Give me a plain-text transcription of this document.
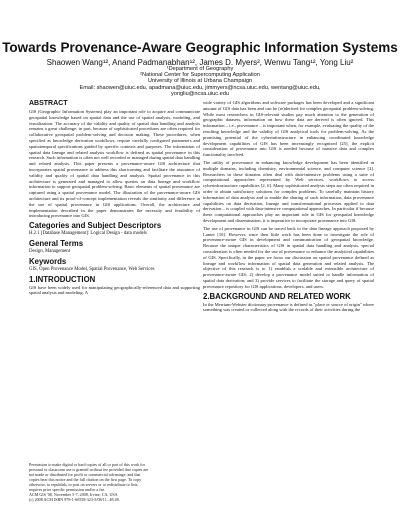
Towards Provenance-Aware Geographic Information Systems
Shaowen Wang¹², Anand Padmanabhan¹², James D. Myers², Wenwu Tang¹², Yong Liu²
¹Department of Geography
²National Center for Supercomputing Application
University of Illinois at Urbana Champaign
Email: shaowen@uiuc.edu, apadmana@uiuc.edu, jimmyers@ncsa.uiuc.edu, wentang@uiuc.edu,
yongliu@ncsa.uiuc.edu
ABSTRACT
GIS (Geographic Information Systems) play an important role to acquire and communicate geospatial knowledge based on spatial data and the use of spatial analysis, modeling, and visualization. The accuracy of the validity and quality of spatial data handling and analysis remains a great challenge, in part, because of sophisticated procedures are often required for collaborative geospatial problem-solving and decision making. These procedures, when specified as knowledge derivation workflows, require carefully configured parameters and spatiotemporal specifications guided by specific contexts and purposes. The information of spatial data lineage and related analysis workflow is defined as spatial provenance in this research. Such information is often not well recorded or managed during spatial data handling and related analysis. This paper presents a provenance-aware GIS architecture that incorporates spatial provenance to address this shortcoming and facilitate the assurance of validity and quality of spatial data handling and analysis. Spatial provenance in this architecture is generated and managed to allow queries on data lineage and workflow information to support geospatial problem-solving. Basic elements of spatial provenance are captured using a spatial provenance model. The illustration of the provenance-aware GIS architecture and its proof-of-concept implementation reveals the similarity and difference in the use of spatial provenance in GIS applications. Overall, the architecture and implementation described in the paper demonstrates the necessity and feasibility of introducing provenance into GIS.
Categories and Subject Descriptors
H.2.1 [Database Management]: Logical Design - data models
General Terms
Design, Management
Keywords
GIS, Open Provenance Model, Spatial Provenance, Web Services
1.INTRODUCTION
GIS have been widely used for manipulating geographically-referenced data and supporting spatial analysis and modeling. A
Permission to make digital or hard copies of all or part of this work for
personal or classroom use is granted without fee provided that copies are
not made or distributed for profit or commercial advantage, and that
copies bear this notice and the full citation on the first page. To copy
otherwise, to republish, to post on servers or to redistribute to lists,
requires prior specific permission and/or a fee.
ACM GIS '08, November 5-7, 2008, Irvine, CA, USA
(c) 2008 ACM ISBN 978-1-60558-323-5/08/11...$5.00.
wide variety of GIS algorithms and software packages has been developed and a significant amount of GIS data has been and can be (re)derived for complex geospatial problem-solving. While most researchers in GIS-relevant studies pay much attention to the generation of geographic datasets, information on how these data are derived is often ignored. This information – i.e., provenance – is important when, for example, evaluating the quality of the resulting knowledge and the validity of GIS analytical tools for problem-solving. As the promising potential of the cyberinfrastructure in enhancing coordinated knowledge development capabilities of GIS has been increasingly recognized [25], the explicit consideration of provenance into GIS is needed because of massive data and complex functionality involved.
The utility of provenance in enhancing knowledge development has been identified in multiple domains, including chemistry, environmental science, and computer science [2]. Researchers in these domains often deal with data-intensive problems using a suite of computational approaches represented by Web services, workflows to access cyberinfrastructure capabilities [2, 6]. Many sophisticated analysis steps are often required in order to obtain satisfactory solutions for complex problems. To carefully maintain history information of data analysis and to enable the sharing of such information, data provenance capabilities on data derivation, lineage and transformational processes applied to data derivation – is coupled with data-intensive computational approaches. In particular if because these computational approaches play an important role in GIS for geospatial knowledge development and dissemination, it is imperative to incorporate provenance into GIS.
The use of provenance in GIS can be traced back to the data lineage approach proposed by Lanter [10]. However, since then little work has been done to investigate the role of provenance-aware GIS in development and communication of geospatial knowledge. Because the unique characteristics of GIS in spatial data handling and analysis, special consideration is often needed for the use of provenance to enhance the analytical capabilities of GIS. Specifically, in the paper we focus our discussion on spatial provenance defined as lineage and workflow information of spatial data generation and related analysis. The objective of this research is to 1) establish a scalable and extensible architecture of provenance-aware GIS; 2) develop a provenance model suited to handle information of spatial data derivation; and 3) provide services to facilitate the storage and query of spatial provenance repository for GIS applications, developers, and users.
2.BACKGROUND AND RELATED WORK
In the Merriam-Webster dictionary provenance is defined as "place or source of origin" where something was created or collected along with the records of their activities during the
